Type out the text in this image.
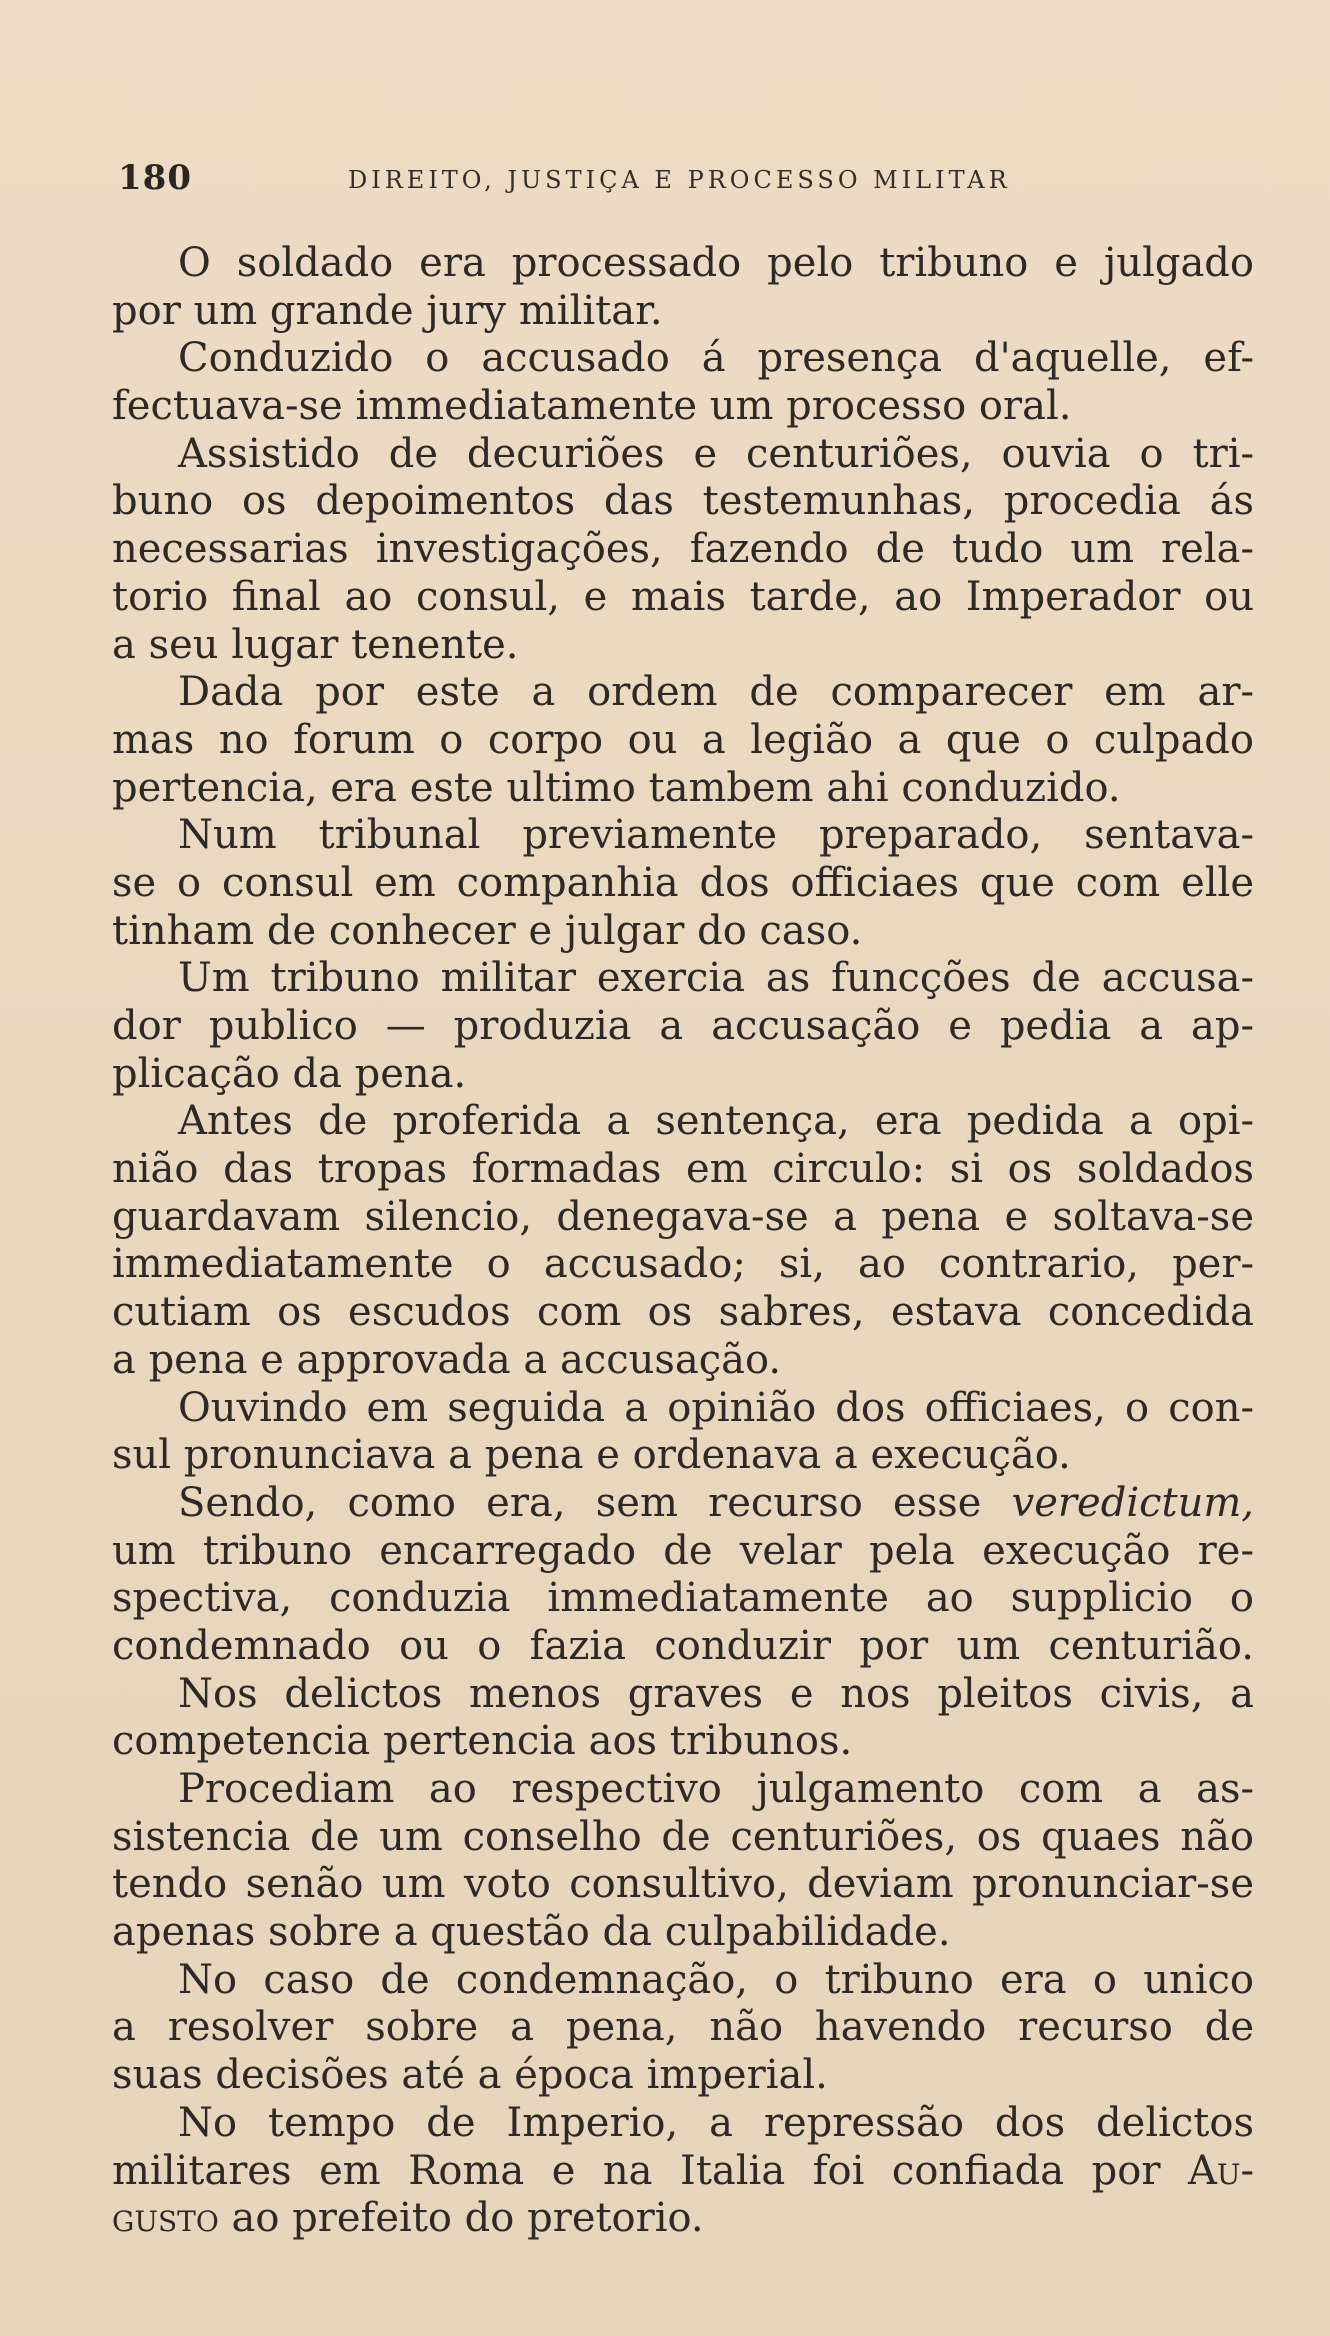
180	DIREITO, JUSTIÇA E PROCESSO MILITAR
O soldado era processado pelo tribuno e julgado
por um grande jury militar.
Conduzido o accusado á presença d'aquelle, ef-
fectuava-se immediatamente um processo oral.
Assistido de decuriões e centuriões, ouvia o tri-
buno os depoimentos das testemunhas, procedia ás
necessarias investigações, fazendo de tudo um rela-
torio final ao consul, e mais tarde, ao Imperador ou
a seu lugar tenente.
Dada por este a ordem de comparecer em ar-
mas no forum o corpo ou a legião a que o culpado
pertencia, era este ultimo tambem ahi conduzido.
Num tribunal previamente preparado, sentava-
se o consul em companhia dos officiaes que com elle
tinham de conhecer e julgar do caso.
Um tribuno militar exercia as funcções de accusa-
dor publico — produzia a accusação e pedia a ap-
plicação da pena.
Antes de proferida a sentença, era pedida a opi-
nião das tropas formadas em circulo: si os soldados
guardavam silencio, denegava-se a pena e soltava-se
immediatamente o accusado; si, ao contrario, per-
cutiam os escudos com os sabres, estava concedida
a pena e approvada a accusação.
Ouvindo em seguida a opinião dos officiaes, o con-
sul pronunciava a pena e ordenava a execução.
Sendo, como era, sem recurso esse veredictum,
um tribuno encarregado de velar pela execução re-
spectiva, conduzia immediatamente ao supplicio o
condemnado ou o fazia conduzir por um centurião.
Nos delictos menos graves e nos pleitos civis, a
competencia pertencia aos tribunos.
Procediam ao respectivo julgamento com a as-
sistencia de um conselho de centuriões, os quaes não
tendo senão um voto consultivo, deviam pronunciar-se
apenas sobre a questão da culpabilidade.
No caso de condemnação, o tribuno era o unico
a resolver sobre a pena, não havendo recurso de
suas decisões até a época imperial.
No tempo de Imperio, a repressão dos delictos
militares em Roma e na Italia foi confiada por Au-
gusto ao prefeito do pretorio.
